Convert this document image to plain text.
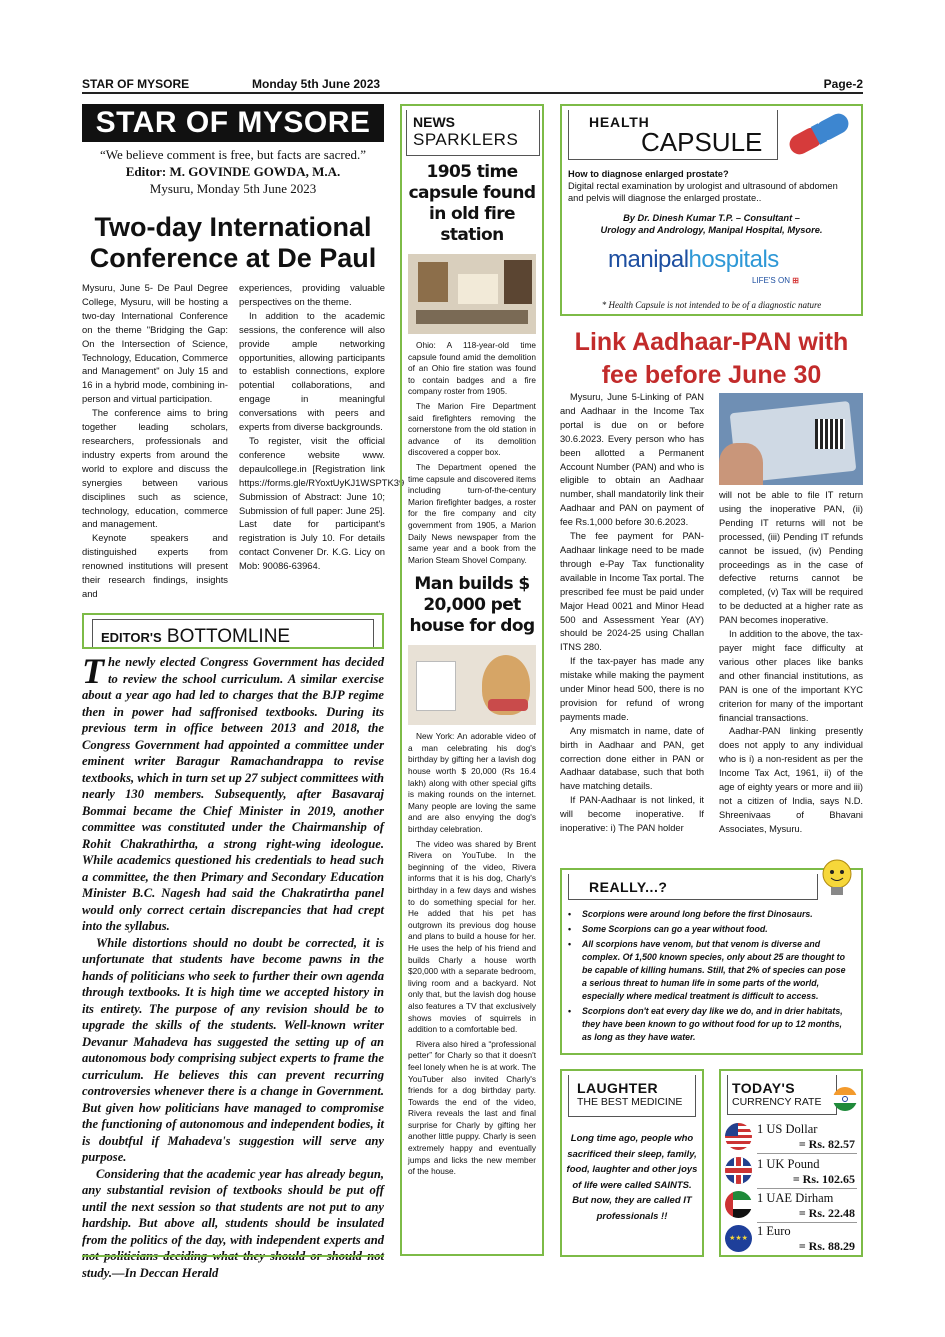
STAR OF MYSORE	Monday 5th June 2023	Page-2
STAR OF MYSORE
“We believe comment is free, but facts are sacred.”
Editor: M. GOVINDE GOWDA, M.A.
Mysuru, Monday 5th June 2023
Two-day International Conference at De Paul

Mysuru, June 5- De Paul Degree College, Mysuru, will be hosting a two-day International Conference on the theme "Bridging the Gap: On the Intersection of Science, Technology, Education, Commerce and Management" on July 15 and 16 in a hybrid mode, combining in-person and virtual participation.

The conference aims to bring together leading scholars, researchers, professionals and industry experts from around the world to explore and discuss the synergies between various disciplines such as science, technology, education, commerce and management.

Keynote speakers and distinguished experts from renowned institutions will present their research findings, insights and

experiences, providing valuable perspectives on the theme.

In addition to the academic sessions, the conference will also provide ample networking opportunities, allowing participants to establish connections, explore potential collaborations, and engage in meaningful conversations with peers and experts from diverse backgrounds.

To register, visit the official conference website www. depaulcollege.in [Registration link https://forms.gle/RYoxtUyKJ1WSPTK39 Submission of Abstract: June 10; Submission of full paper: June 25]. Last date for participant's registration is July 10. For details contact Convener Dr. K.G. Licy on Mob: 90086-63964.

EDITOR'S BOTTOMLINE

The newly elected Congress Government has decided to review the school curriculum. A similar exercise about a year ago had led to charges that the BJP regime then in power had saffronised textbooks. During its previous term in office between 2013 and 2018, the Congress Government had appointed a committee under eminent writer Baragur Ramachandrappa to revise textbooks, which in turn set up 27 subject committees with nearly 130 members. Subsequently, after Basavaraj Bommai became the Chief Minister in 2019, another committee was constituted under the Chairmanship of Rohit Chakrathirtha, a strong right-wing ideologue. While academics questioned his credentials to head such a committee, the then Primary and Secondary Education Minister B.C. Nagesh had said the Chakratirtha panel would only correct certain discrepancies that had crept into the syllabus.

While distortions should no doubt be corrected, it is unfortunate that students have become pawns in the hands of politicians who seek to further their own agenda through textbooks. It is high time we accepted history in its entirety. The purpose of any revision should be to upgrade the skills of the students. Well-known writer Devanur Mahadeva has suggested the setting up of an autonomous body comprising subject experts to frame the curriculum. He believes this can prevent recurring controversies whenever there is a change in Government. But given how politicians have managed to compromise the functioning of autonomous and independent bodies, it is doubtful if Mahadeva's suggestion will serve any purpose.

Considering that the academic year has already begun, any substantial revision of textbooks should be put off until the next session so that students are not put to any hardship. But above all, students should be insulated from the politics of the day, with independent experts and study.—In Deccan Herald

NEWS
SPARKLERS
1905 time capsule found in old fire station

Ohio: A 118-year-old time capsule found amid the demolition of an Ohio fire station was found to contain badges and a fire company roster from 1905.

The Marion Fire Department said firefighters removing the cornerstone from the old station in advance of its demolition discovered a copper box.

The Department opened the time capsule and discovered items including turn-of-the-century Marion firefighter badges, a roster for the fire company and city government from 1905, a Marion Daily News newspaper from the same year and a book from the Marion Steam Shovel Company.

Man builds $ 20,000 pet house for dog

New York: An adorable video of a man celebrating his dog's birthday by gifting her a lavish dog house worth $ 20,000 (Rs 16.4 lakh) along with other special gifts is making rounds on the internet. Many people are loving the same and are also envying the dog's birthday celebration.

The video was shared by Brent Rivera on YouTube. In the beginning of the video, Rivera informs that it is his dog, Charly's birthday in a few days and wishes to do something special for her. He added that his pet has outgrown its previous dog house and plans to build a house for her. He uses the help of his friend and builds Charly a house worth $20,000 with a separate bedroom, living room and a backyard. Not only that, but the lavish dog house also features a TV that exclusively shows movies of squirrels in addition to a comfortable bed.

Rivera also hired a “professional petter” for Charly so that it doesn't feel lonely when he is at work. The YouTuber also invited Charly's friends for a dog birthday party. Towards the end of the video, Rivera reveals the last and final surprise for Charly by gifting her another little puppy. Charly is seen extremely happy and eventually jumps and licks the new member of the house.

HEALTH
CAPSULE
How to diagnose enlarged prostate?
Digital rectal examination by urologist and ultrasound of abdomen and pelvis will diagnose the enlarged prostate..
By Dr. Dinesh Kumar T.P. – Consultant –
Urology and Andrology, Manipal Hospital, Mysore.
manipalhospitals
LIFE'S ON ⊞
* Health Capsule is not intended to be of a diagnostic nature
Link Aadhaar-PAN with fee before June 30

Mysuru, June 5-Linking of PAN and Aadhaar in the Income Tax portal is due on or before 30.6.2023. Every person who has been allotted a Permanent Account Number (PAN) and who is eligible to obtain an Aadhaar number, shall mandatorily link their Aadhaar and PAN on payment of fee Rs.1,000 before 30.6.2023.

The fee payment for PAN-Aadhaar linkage need to be made through e-Pay Tax functionality available in Income Tax portal. The prescribed fee must be paid under Major Head 0021 and Minor Head 500 and Assessment Year (AY) should be 2024-25 using Challan ITNS 280.

If the tax-payer has made any mistake while making the payment under Minor head 500, there is no provision for refund of wrong payments made.

Any mismatch in name, date of birth in Aadhaar and PAN, get correction done either in PAN or Aadhaar database, such that both have matching details.

If PAN-Aadhaar is not linked, it will become inoperative. If inoperative: i) The PAN holder

will not be able to file IT return using the inoperative PAN, (ii) Pending IT returns will not be processed, (iii) Pending IT refunds cannot be issued, (iv) Pending proceedings as in the case of defective returns cannot be completed, (v) Tax will be required to be deducted at a higher rate as PAN becomes inoperative.

In addition to the above, the tax-payer might face difficulty at various other places like banks and other financial institutions, as PAN is one of the important KYC criterion for many of the important financial transactions.

Aadhar-PAN linking presently does not apply to any individual who is i) a non-resident as per the Income Tax Act, 1961, ii) of the age of eighty years or more and iii) not a citizen of India, says N.D. Shreenivaas of Bhavani Associates, Mysuru.

REALLY...?
• Scorpions were around long before the first Dinosaurs.
• Some Scorpions can go a year without food.
• All scorpions have venom, but that venom is diverse and complex. Of 1,500 known species, only about 25 are thought to be capable of killing humans. Still, that 2% of species can pose a serious threat to human life in some parts of the world, especially where medical treatment is difficult to access.
• Scorpions don't eat every day like we do, and in drier habitats, they have been known to go without food for up to 12 months, as long as they have water.
LAUGHTER
THE BEST MEDICINE
Long time ago, people who sacrificed their sleep, family, food, laughter and other joys of life were called SAINTS.
But now, they are called IT professionals !!
TODAY'S
CURRENCY RATE
1 US Dollar
= Rs. 82.57
1 UK Pound
= Rs. 102.65
1 UAE Dirham
= Rs. 22.48
★★★
1 Euro
= Rs. 88.29
